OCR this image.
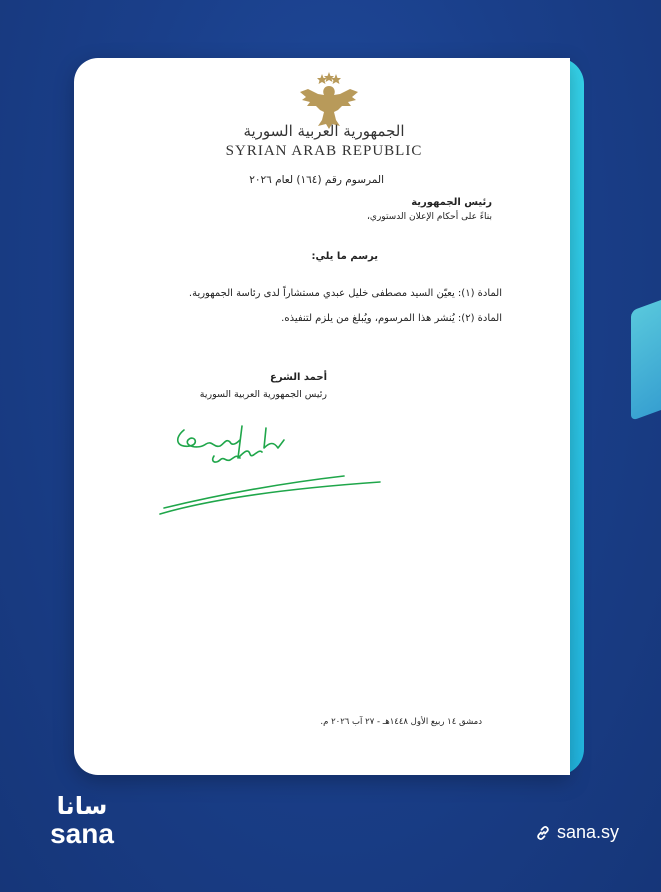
الجمهورية العربية السورية
SYRIAN ARAB REPUBLIC
المرسوم رقم (١٦٤) لعام ٢٠٢٦
رئيس الجمهورية
بناءً على أحكام الإعلان الدستوري،
يرسم ما يلي:
المادة (١): يعيّن السيد مصطفى خليل عبدي مستشاراً لدى رئاسة الجمهورية.
المادة (٢): يُنشر هذا المرسوم، ويُبلغ من يلزم لتنفيذه.
أحمد الشرع
رئيس الجمهورية العربية السورية
دمشق ١٤ ربيع الأول ١٤٤٨هـ - ٢٧ آب ٢٠٢٦ م.
سانا
sana	sana.sy
